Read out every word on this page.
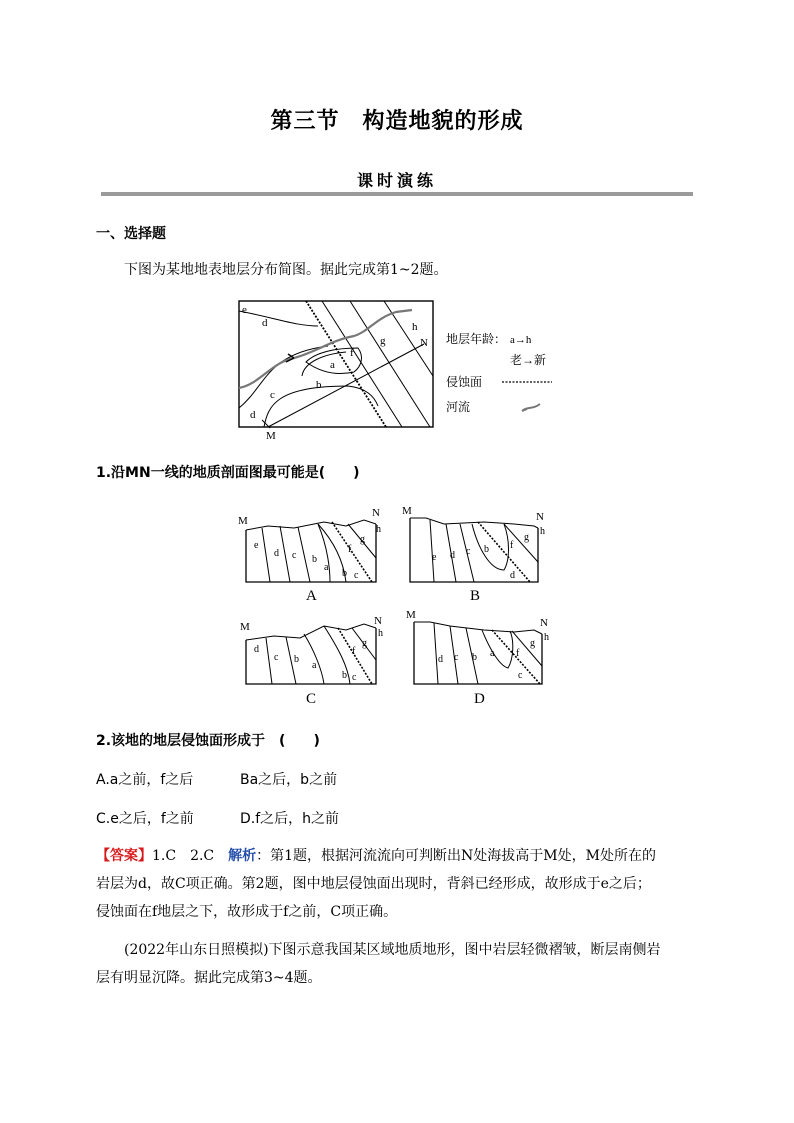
第三节　构造地貌的形成
课时演练
一、选择题
下图为某地地表地层分布简图。据此完成第1~2题。
e
d	h
g	N
f
a
b
c
d
M
地层年龄： a→h
老→新
侵蚀面
河流
1.沿MN一线的地质剖面图最可能是(　　)
M
N
e
d c b
a
b c
f
g
h
A
M	N
e d c b f
d
g
h
B
M	N
d
c b
a
b c
f
g
h
C
M
N
d c b a f
c
g
h
D
2.该地的地层侵蚀面形成于　(　　)
A.a之前，f之后	Ba之后，b之前
C.e之后，f之前	D.f之后，h之前
【答案】1.C　2.C　 解析：第1题，根据河流流向可判断出N处海拔高于M处，M处所在的
岩层为d，故C项正确。第2题，图中地层侵蚀面出现时，背斜已经形成，故形成于e之后；
侵蚀面在f地层之下，故形成于f之前，C项正确。
(2022年山东日照模拟)下图示意我国某区域地质地形，图中岩层轻微褶皱，断层南侧岩
层有明显沉降。据此完成第3~4题。
